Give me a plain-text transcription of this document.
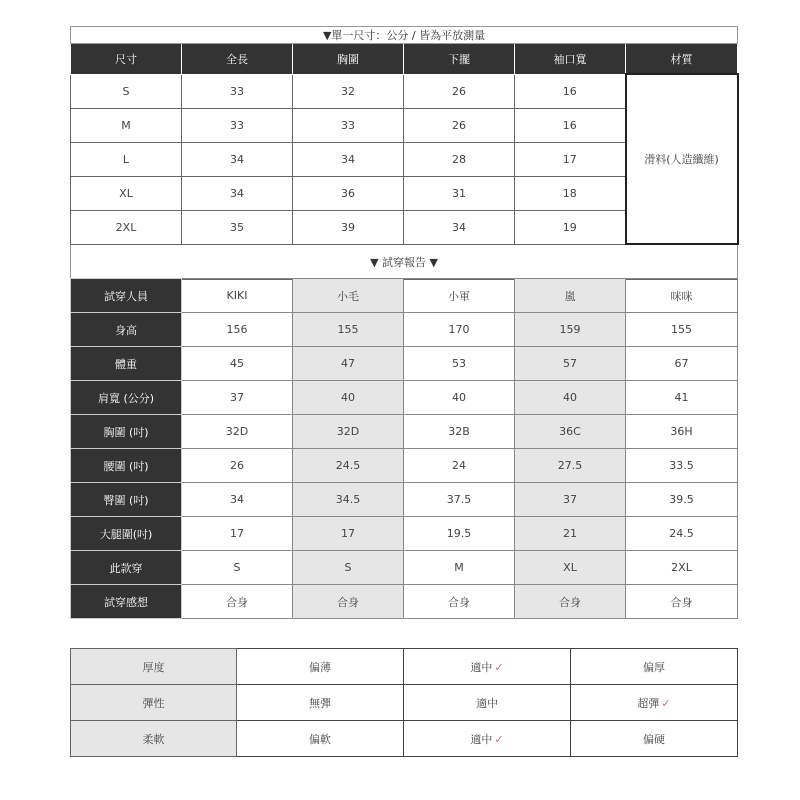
▼單一尺寸：公分 / 皆為平放測量					
尺寸	全長	胸圍	下擺	袖口寬	材質
S	33	32	26	16	滑料(人造纖維)
M	33	33	26	16	
L	34	34	28	17	
XL	34	36	31	18	
2XL	35	39	34	19	
▼ 試穿報告 ▼					
試穿人員	KIKI	小毛	小軍	嵐	咪咪
身高	156	155	170	159	155
體重	45	47	53	57	67
肩寬 (公分)	37	40	40	40	41
胸圍 (吋)	32D	32D	32B	36C	36H
腰圍 (吋)	26	24.5	24	27.5	33.5
臀圍 (吋)	34	34.5	37.5	37	39.5
大腿圍(吋)	17	17	19.5	21	24.5
此款穿	S	S	M	XL	2XL
試穿感想	合身	合身	合身	合身	合身
厚度	偏薄	適中 ✓	偏厚
彈性	無彈	適中	超彈 ✓
柔軟	偏軟	適中 ✓	偏硬
